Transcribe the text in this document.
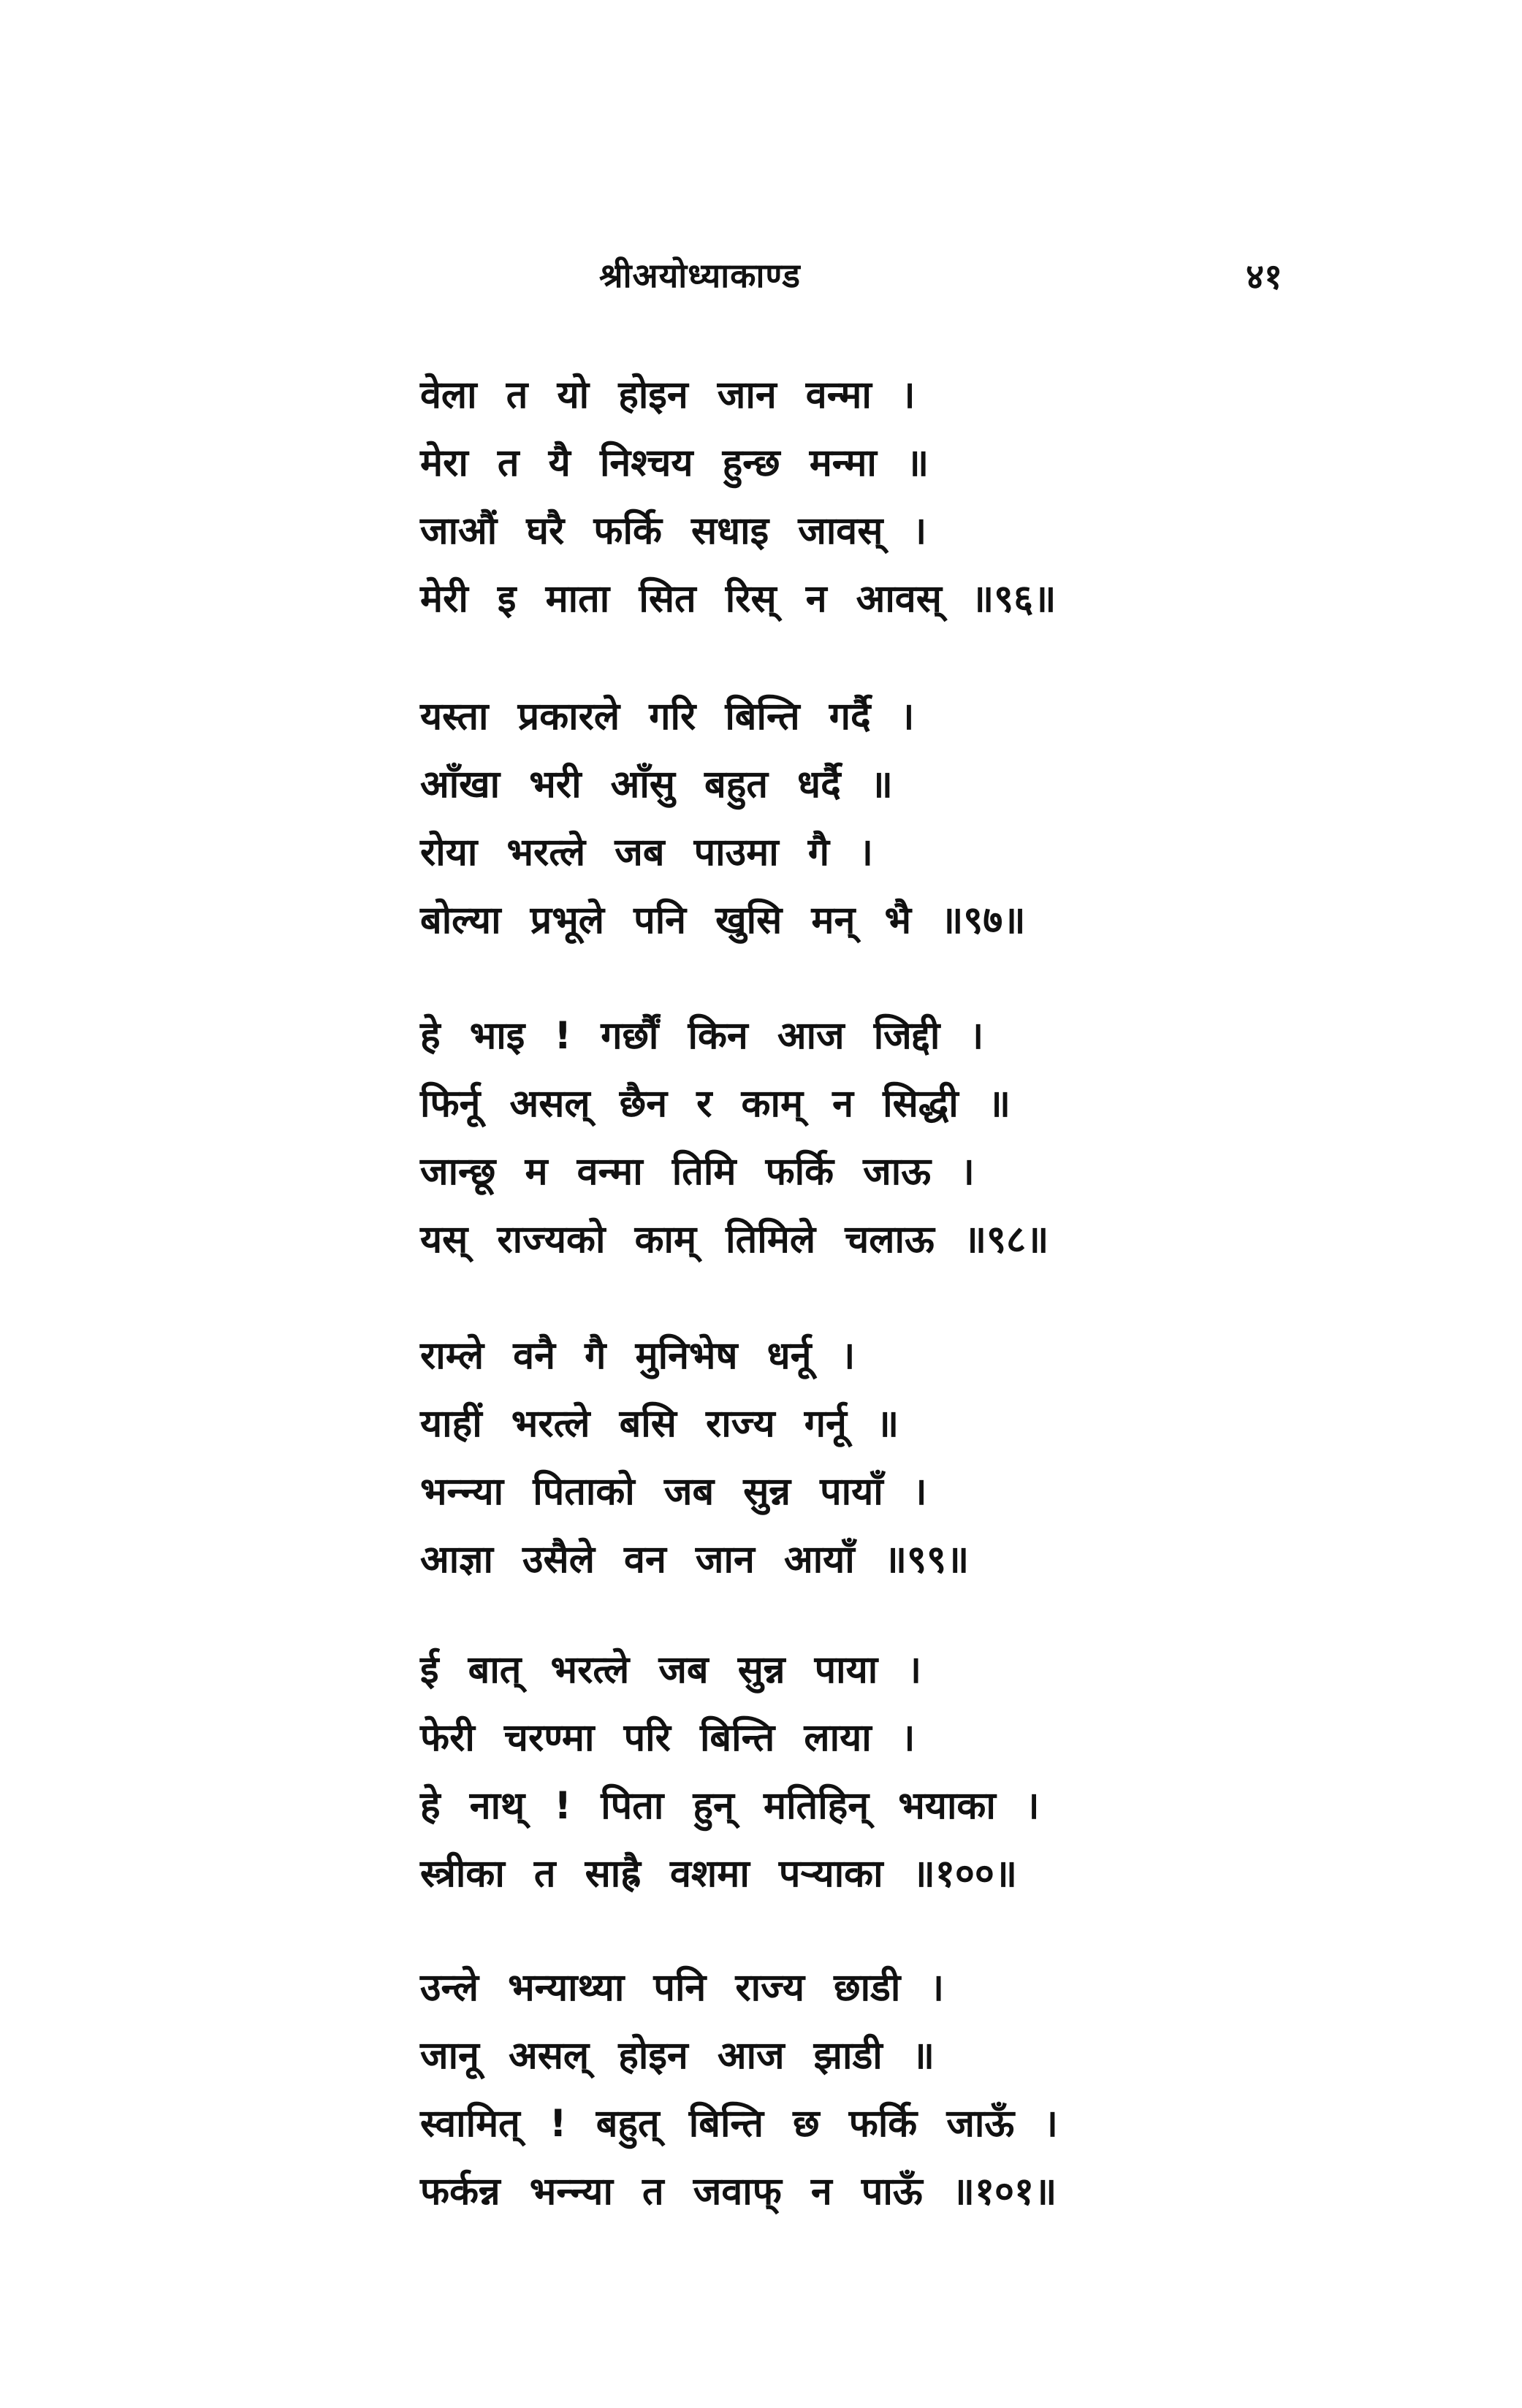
श्रीअयोध्याकाण्ड	४१
वेला त यो होइन जान वन्मा ।
मेरा त यै निश्चय हुन्छ मन्मा ॥
जाऔं घरै फर्कि सधाइ जावस् ।
मेरी इ माता सित रिस् न आवस् ॥९६॥
यस्ता प्रकारले गरि बिन्ति गर्दै ।
आँखा भरी आँसु बहुत धर्दै ॥
रोया भरत्ले जब पाउमा गै ।
बोल्या प्रभूले पनि खुसि मन् भै ॥९७॥
हे भाइ ! गर्छौं किन आज जिद्दी ।
फिर्नू असल् छैन र काम् न सिद्धी ॥
जान्छू म वन्मा तिमि फर्कि जाऊ ।
यस् राज्यको काम् तिमिले चलाऊ ॥९८॥
राम्ले वनै गै मुनिभेष धर्नू ।
याहीं भरत्ले बसि राज्य गर्नू ॥
भन्न्या पिताको जब सुन्न पायाँ ।
आज्ञा उसैले वन जान आयाँ ॥९९॥
ई बात् भरत्ले जब सुन्न पाया ।
फेरी चरण्मा परि बिन्ति लाया ।
हे नाथ् ! पिता हुन् मतिहिन् भयाका ।
स्त्रीका त साह्रै वशमा पऱ्याका ॥१००॥
उन्ले भन्याथ्या पनि राज्य छाडी ।
जानू असल् होइन आज झाडी ॥
स्वामित् ! बहुत् बिन्ति छ फर्कि जाऊँ ।
फर्कन्न भन्न्या त जवाफ् न पाऊँ ॥१०१॥
